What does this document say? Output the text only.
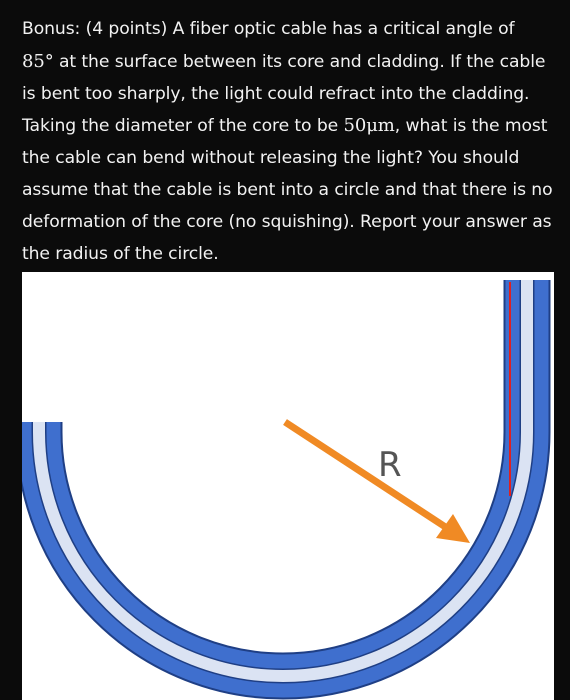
Bonus: (4 points) A fiber optic cable has a critical angle of
85° at the surface between its core and cladding. If the cable is bent too sharply, the light could refract into the cladding. Taking the diameter of the core to be 50μm, what is the most the cable can bend without releasing the light? You should assume that the cable is bent into a circle and that there is no deformation of the core (no squishing). Report your answer as the radius of the circle.
R
